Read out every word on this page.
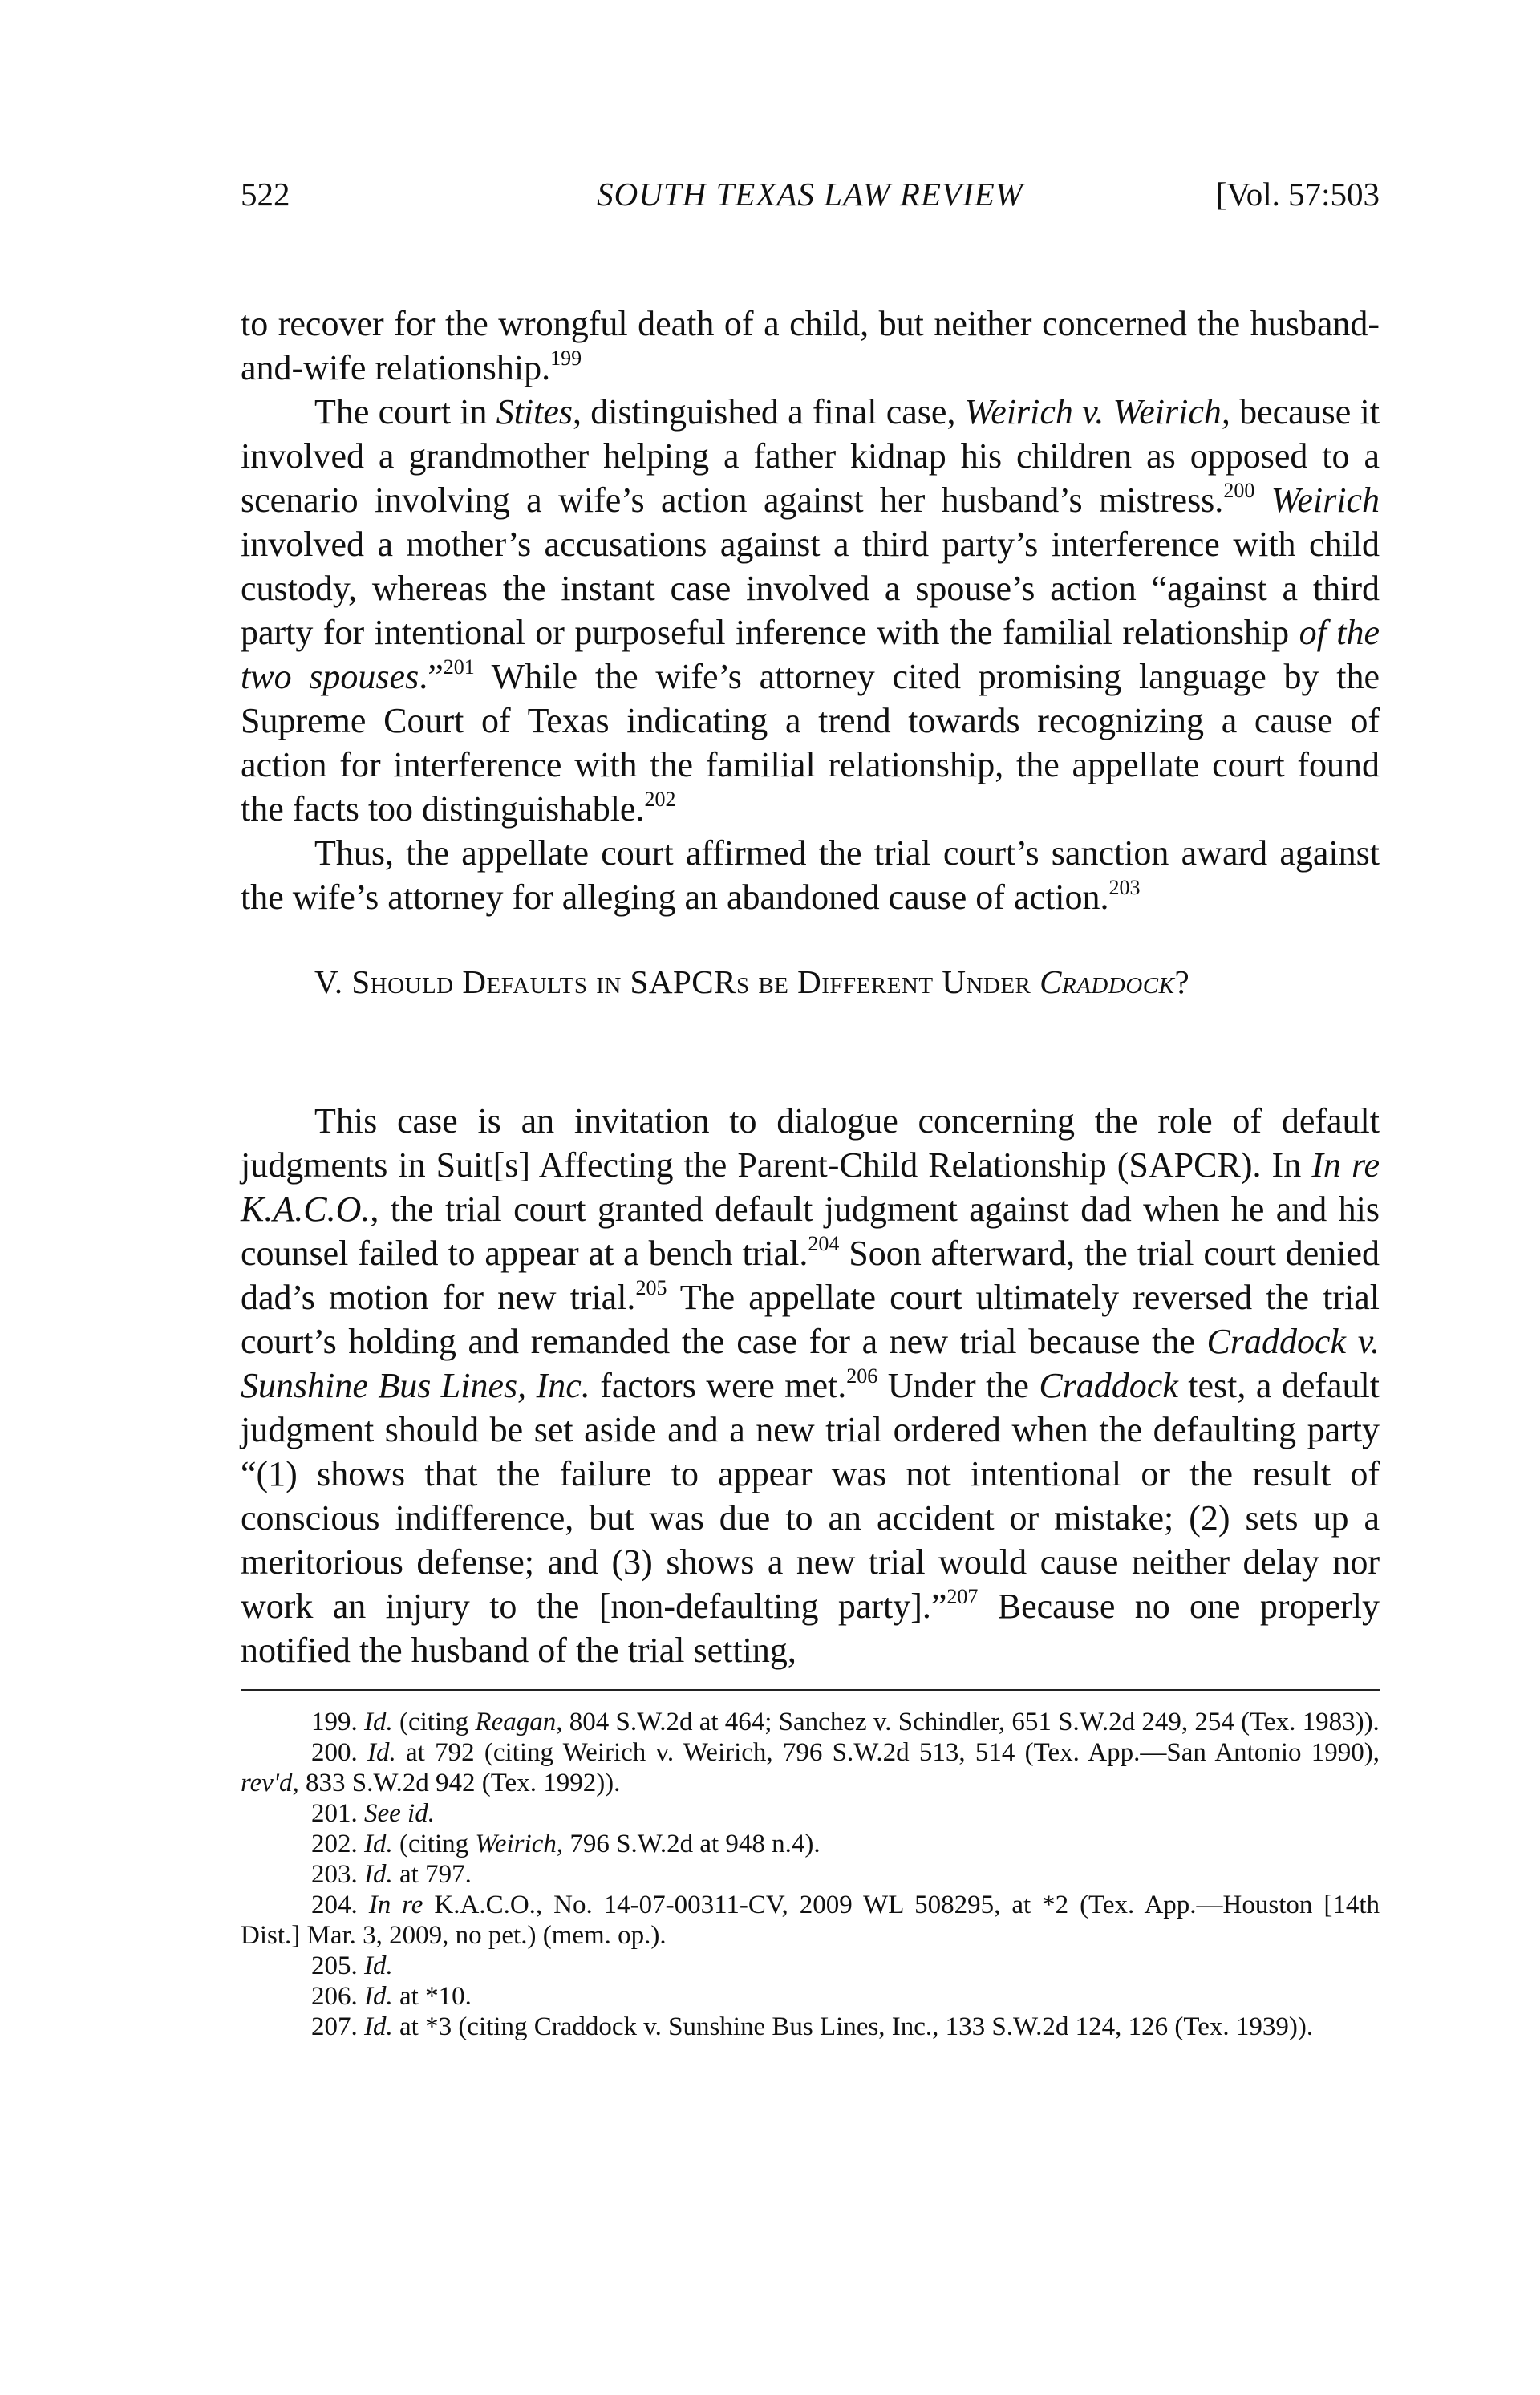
522	SOUTH TEXAS LAW REVIEW	[Vol. 57:503

to recover for the wrongful death of a child, but neither concerned the husband-and-wife relationship.$^{199}$

The court in Stites, distinguished a final case, Weirich v. Weirich, because it involved a grandmother helping a father kidnap his children as opposed to a scenario involving a wife’s action against her husband’s mistress.$^{200}$ Weirich involved a mother’s accusations against a third party’s interference with child custody, whereas the instant case involved a spouse’s action “against a third party for intentional or purposeful inference with the familial relationship of the two spouses.”$^{201}$ While the wife’s attorney cited promising language by the Supreme Court of Texas indicating a trend towards recognizing a cause of action for interference with the familial relationship, the appellate court found the facts too distinguishable.$^{202}$

Thus, the appellate court affirmed the trial court’s sanction award against the wife’s attorney for alleging an abandoned cause of action.$^{203}$

V. Should Defaults in SAPCRs be Different Under Craddock?

This case is an invitation to dialogue concerning the role of default judgments in Suit[s] Affecting the Parent-Child Relationship (SAPCR). In In re K.A.C.O., the trial court granted default judgment against dad when he and his counsel failed to appear at a bench trial.$^{204}$ Soon afterward, the trial court denied dad’s motion for new trial.$^{205}$ The appellate court ultimately reversed the trial court’s holding and remanded the case for a new trial because the Craddock v. Sunshine Bus Lines, Inc. factors were met.$^{206}$ Under the Craddock test, a default judgment should be set aside and a new trial ordered when the defaulting party “(1) shows that the failure to appear was not intentional or the result of conscious indifference, but was due to an accident or mistake; (2) sets up a meritorious defense; and (3) shows a new trial would cause neither delay nor work an injury to the [non-defaulting party].”$^{207}$ Because no one properly notified the husband of the trial setting,

199. Id. (citing Reagan, 804 S.W.2d at 464; Sanchez v. Schindler, 651 S.W.2d 249, 254 (Tex. 1983)).

200. Id. at 792 (citing Weirich v. Weirich, 796 S.W.2d 513, 514 (Tex. App.—San Antonio 1990), rev'd, 833 S.W.2d 942 (Tex. 1992)).

201. See id.

202. Id. (citing Weirich, 796 S.W.2d at 948 n.4).

203. Id. at 797.

204. In re K.A.C.O., No. 14-07-00311-CV, 2009 WL 508295, at *2 (Tex. App.—Houston [14th Dist.] Mar. 3, 2009, no pet.) (mem. op.).

205. Id.

206. Id. at *10.

207. Id. at *3 (citing Craddock v. Sunshine Bus Lines, Inc., 133 S.W.2d 124, 126 (Tex. 1939)).
